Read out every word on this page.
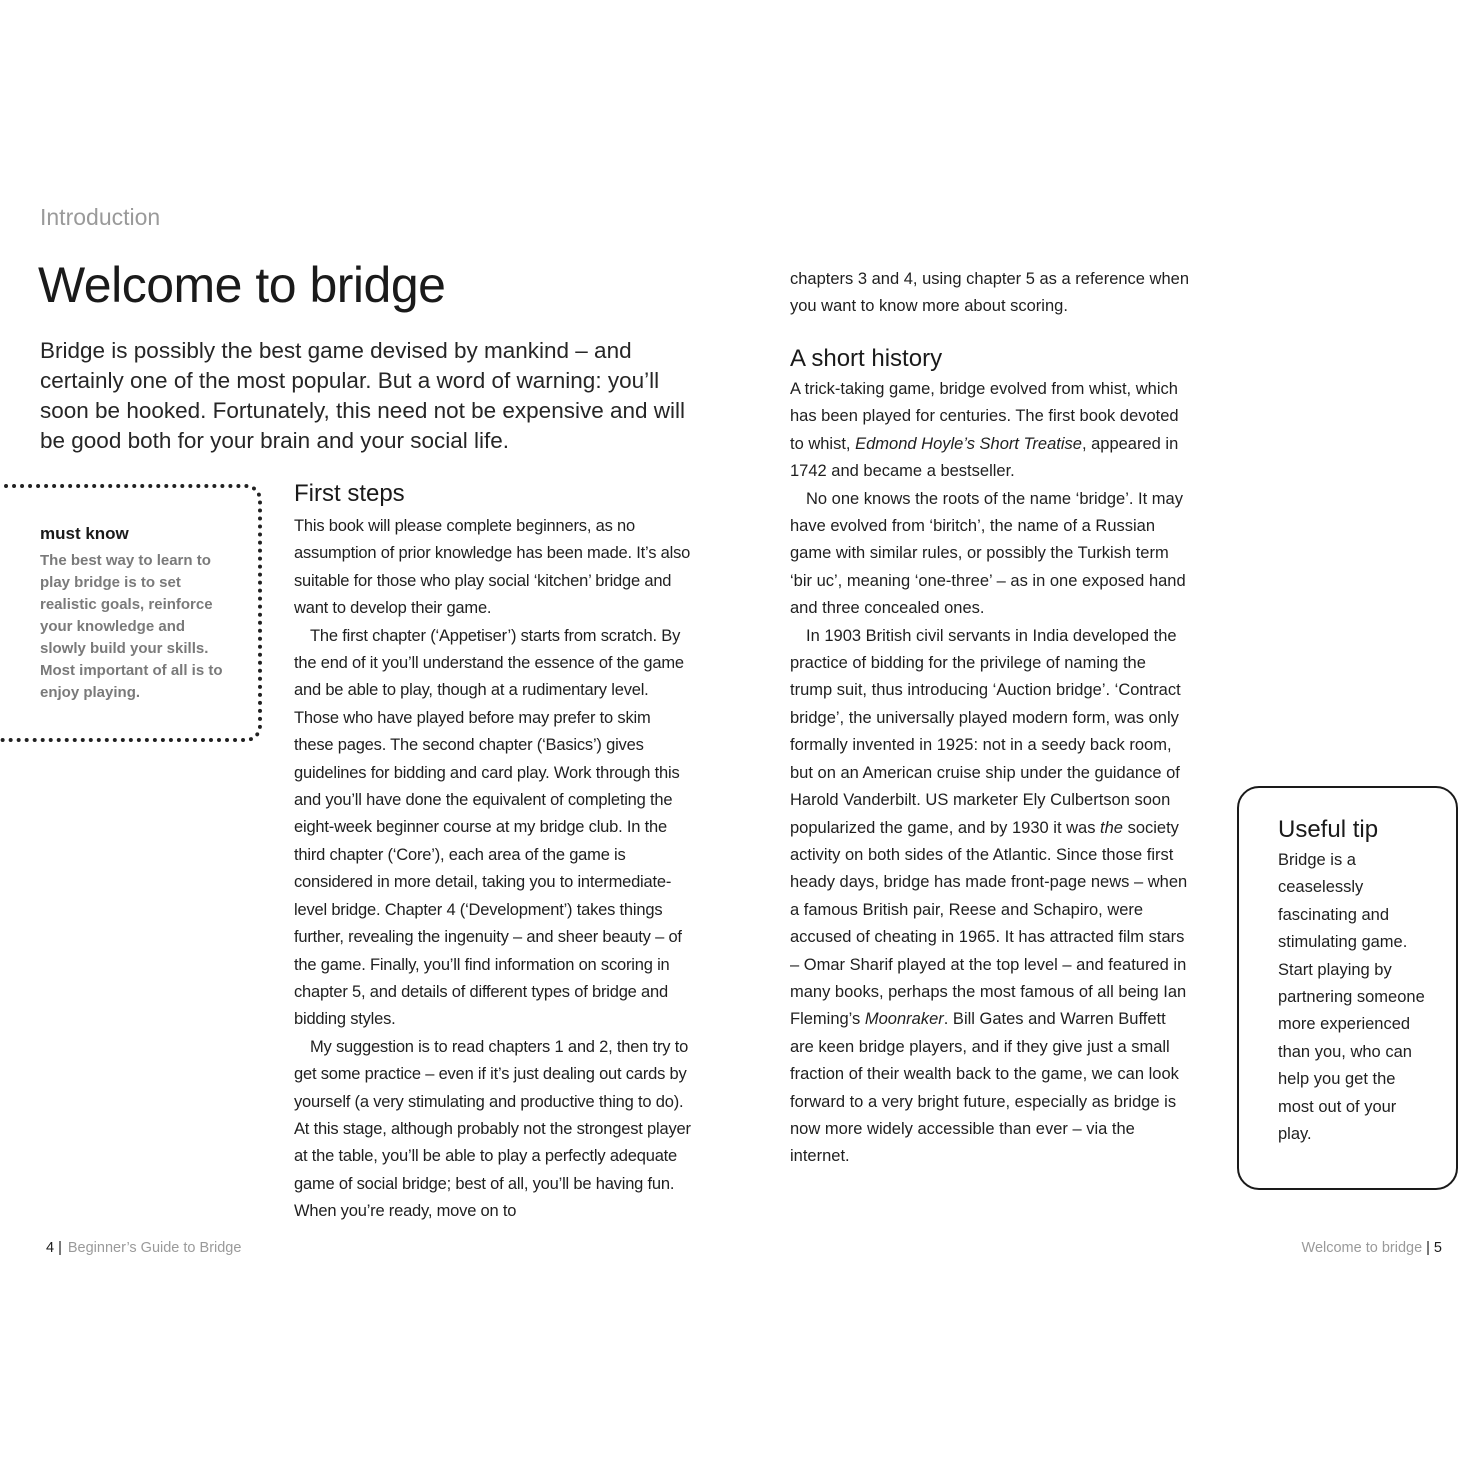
Introduction
Welcome to bridge

Bridge is possibly the best game devised by mankind – and certainly one of the most popular. But a word of warning: you’ll soon be hooked. Fortunately, this need not be expensive and will be good both for your brain and your social life.

must know

The best way to learn to play bridge is to set realistic goals, reinforce your knowledge and slowly build your skills. Most important of all is to enjoy playing.

First steps

This book will please complete beginners, as no assumption of prior knowledge has been made. It’s also suitable for those who play social ‘kitchen’ bridge and want to develop their game.

The first chapter (‘Appetiser’) starts from scratch. By the end of it you’ll understand the essence of the game and be able to play, though at a rudimentary level. Those who have played before may prefer to skim these pages. The second chapter (‘Basics’) gives guidelines for bidding and card play. Work through this and you’ll have done the equivalent of completing the eight-week beginner course at my bridge club. In the third chapter (‘Core’), each area of the game is considered in more detail, taking you to intermediate-level bridge. Chapter 4 (‘Development’) takes things further, revealing the ingenuity – and sheer beauty – of the game. Finally, you’ll find information on scoring in chapter 5, and details of different types of bridge and bidding styles.

My suggestion is to read chapters 1 and 2, then try to get some practice – even if it’s just dealing out cards by yourself (a very stimulating and productive thing to do). At this stage, although probably not the strongest player at the table, you’ll be able to play a perfectly adequate game of social bridge; best of all, you’ll be having fun. When you’re ready, move on to

chapters 3 and 4, using chapter 5 as a reference when you want to know more about scoring.

A short history

A trick-taking game, bridge evolved from whist, which has been played for centuries. The first book devoted to whist, Edmond Hoyle’s Short Treatise, appeared in 1742 and became a bestseller.

No one knows the roots of the name ‘bridge’. It may have evolved from ‘biritch’, the name of a Russian game with similar rules, or possibly the Turkish term ‘bir uc’, meaning ‘one-three’ – as in one exposed hand and three concealed ones.

In 1903 British civil servants in India developed the practice of bidding for the privilege of naming the trump suit, thus introducing ‘Auction bridge’. ‘Contract bridge’, the universally played modern form, was only formally invented in 1925: not in a seedy back room, but on an American cruise ship under the guidance of Harold Vanderbilt. US marketer Ely Culbertson soon popularized the game, and by 1930 it was the society activity on both sides of the Atlantic. Since those first heady days, bridge has made front-page news – when a famous British pair, Reese and Schapiro, were accused of cheating in 1965. It has attracted film stars – Omar Sharif played at the top level – and featured in many books, perhaps the most famous of all being Ian Fleming’s Moonraker. Bill Gates and Warren Buffett are keen bridge players, and if they give just a small fraction of their wealth back to the game, we can look forward to a very bright future, especially as bridge is now more widely accessible than ever – via the internet.

Useful tip

Bridge is a ceaselessly fascinating and stimulating game. Start playing by partnering someone more experienced than you, who can help you get the most out of your play.

4 | Beginner’s Guide to Bridge	Welcome to bridge | 5
